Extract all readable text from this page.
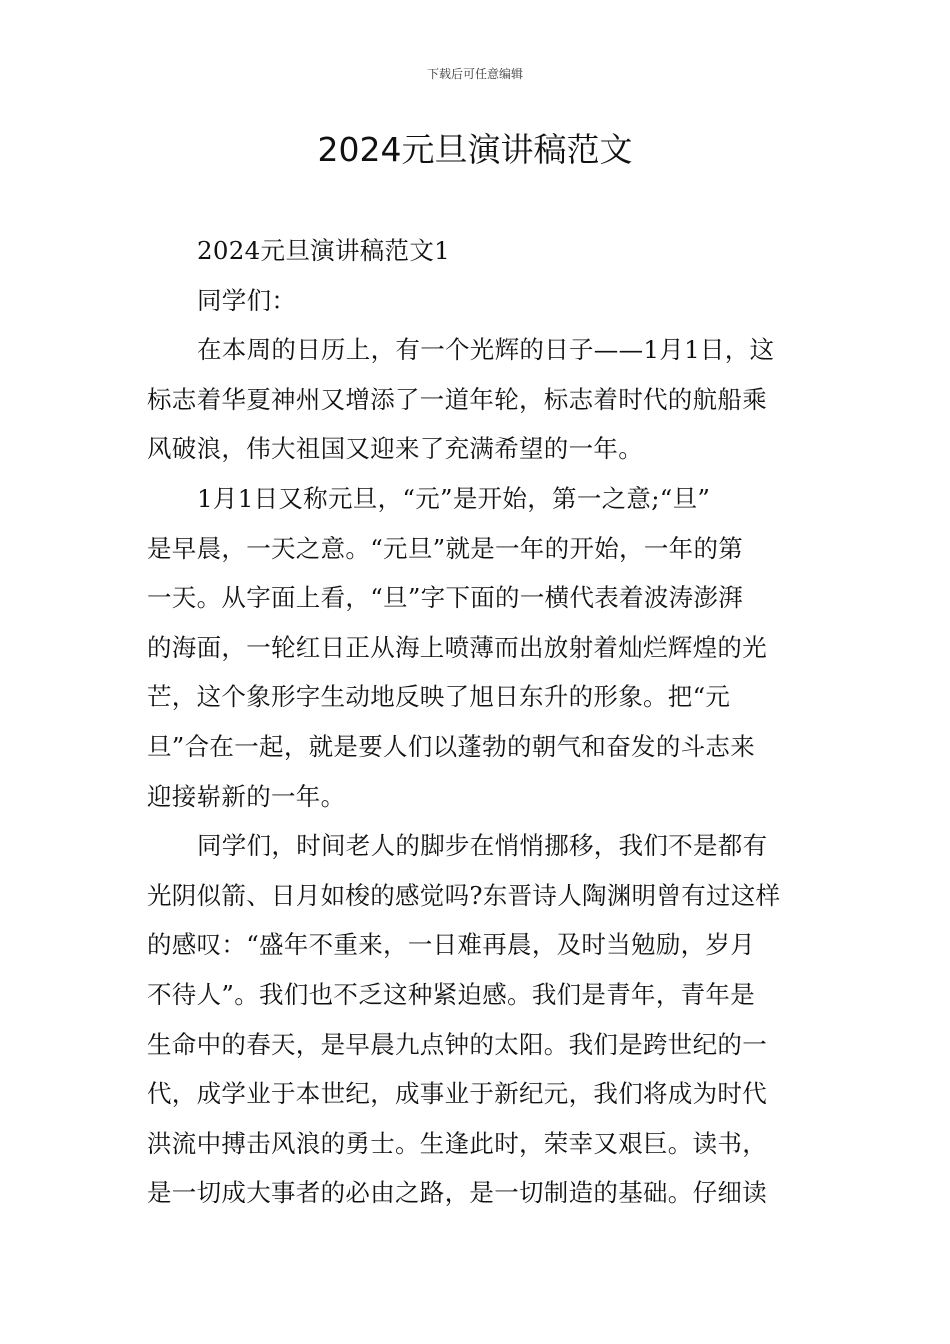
下载后可任意编辑
2024元旦演讲稿范文
2024元旦演讲稿范文1
同学们：
在本周的日历上，有一个光辉的日子——1月1日，这
标志着华夏神州又增添了一道年轮，标志着时代的航船乘
风破浪，伟大祖国又迎来了充满希望的一年。
1月1日又称元旦，“元”是开始，第一之意;“旦”
是早晨，一天之意。“元旦”就是一年的开始，一年的第
一天。从字面上看，“旦”字下面的一横代表着波涛澎湃
的海面，一轮红日正从海上喷薄而出放射着灿烂辉煌的光
芒，这个象形字生动地反映了旭日东升的形象。把“元
旦”合在一起，就是要人们以蓬勃的朝气和奋发的斗志来
迎接崭新的一年。
同学们，时间老人的脚步在悄悄挪移，我们不是都有
光阴似箭、日月如梭的感觉吗?东晋诗人陶渊明曾有过这样
的感叹：“盛年不重来，一日难再晨，及时当勉励，岁月
不待人”。我们也不乏这种紧迫感。我们是青年，青年是
生命中的春天，是早晨九点钟的太阳。我们是跨世纪的一
代，成学业于本世纪，成事业于新纪元，我们将成为时代
洪流中搏击风浪的勇士。生逢此时，荣幸又艰巨。读书，
是一切成大事者的必由之路，是一切制造的基础。仔细读
